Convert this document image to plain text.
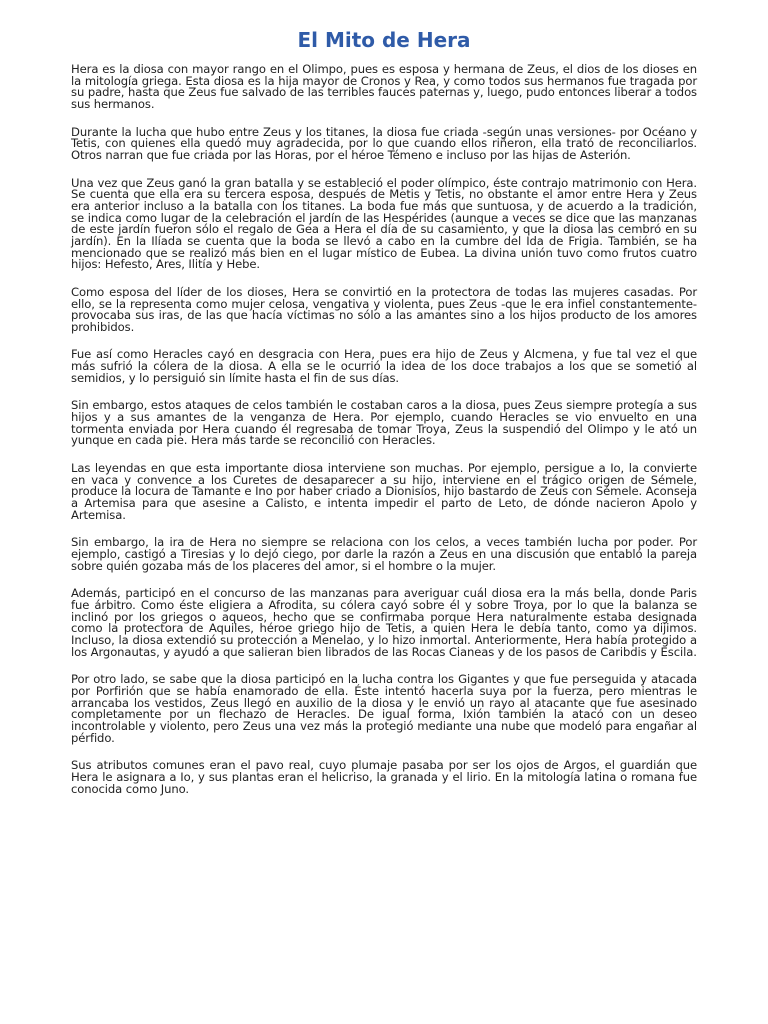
El Mito de Hera

Hera es la diosa con mayor rango en el Olimpo, pues es esposa y hermana de Zeus, el dios de los dioses en la mitología griega. Esta diosa es la hija mayor de Cronos y Rea, y como todos sus hermanos fue tragada por su padre, hasta que Zeus fue salvado de las terribles fauces paternas y, luego, pudo entonces liberar a todos sus hermanos.

Durante la lucha que hubo entre Zeus y los titanes, la diosa fue criada -según unas versiones- por Océano y Tetis, con quienes ella quedó muy agradecida, por lo que cuando ellos riñeron, ella trató de reconciliarlos. Otros narran que fue criada por las Horas, por el héroe Témeno e incluso por las hijas de Asterión.

Una vez que Zeus ganó la gran batalla y se estableció el poder olímpico, éste contrajo matrimonio con Hera. Se cuenta que ella era su tercera esposa, después de Metis y Tetis, no obstante el amor entre Hera y Zeus era anterior incluso a la batalla con los titanes. La boda fue más que suntuosa, y de acuerdo a la tradición, se indica como lugar de la celebración el jardín de las Hespérides (aunque a veces se dice que las manzanas de este jardín fueron sólo el regalo de Gea a Hera el día de su casamiento, y que la diosa las cembró en su jardín). En la Ilíada se cuenta que la boda se llevó a cabo en la cumbre del Ida de Frigia. También, se ha mencionado que se realizó más bien en el lugar místico de Eubea. La divina unión tuvo como frutos cuatro hijos: Hefesto, Ares, Ilitía y Hebe.

Como esposa del líder de los dioses, Hera se convirtió en la protectora de todas las mujeres casadas. Por ello, se la representa como mujer celosa, vengativa y violenta, pues Zeus -que le era infiel constantemente- provocaba sus iras, de las que hacía víctimas no sólo a las amantes sino a los hijos producto de los amores prohibidos.

Fue así como Heracles cayó en desgracia con Hera, pues era hijo de Zeus y Alcmena, y fue tal vez el que más sufrió la cólera de la diosa. A ella se le ocurrió la idea de los doce trabajos a los que se sometió al semidios, y lo persiguió sin límite hasta el fin de sus días.

Sin embargo, estos ataques de celos también le costaban caros a la diosa, pues Zeus siempre protegía a sus hijos y a sus amantes de la venganza de Hera. Por ejemplo, cuando Heracles se vio envuelto en una tormenta enviada por Hera cuando él regresaba de tomar Troya, Zeus la suspendió del Olimpo y le ató un yunque en cada pie. Hera más tarde se reconcilió con Heracles.

Las leyendas en que esta importante diosa interviene son muchas. Por ejemplo, persigue a Io, la convierte en vaca y convence a los Curetes de desaparecer a su hijo, interviene en el trágico origen de Sémele, produce la locura de Tamante e Ino por haber criado a Dionisios, hijo bastardo de Zeus con Sémele. Aconseja a Artemisa para que asesine a Calisto, e intenta impedir el parto de Leto, de dónde nacieron Apolo y Artemisa.

Sin embargo, la ira de Hera no siempre se relaciona con los celos, a veces también lucha por poder. Por ejemplo, castigó a Tiresias y lo dejó ciego, por darle la razón a Zeus en una discusión que entabló la pareja sobre quién gozaba más de los placeres del amor, si el hombre o la mujer.

Además, participó en el concurso de las manzanas para averiguar cuál diosa era la más bella, donde Paris fue árbitro. Como éste eligiera a Afrodita, su cólera cayó sobre él y sobre Troya, por lo que la balanza se inclinó por los griegos o aqueos, hecho que se confirmaba porque Hera naturalmente estaba designada como la protectora de Aquiles, héroe griego hijo de Tetis, a quien Hera le debía tanto, como ya dijimos. Incluso, la diosa extendió su protección a Menelao, y lo hizo inmortal. Anteriormente, Hera había protegido a los Argonautas, y ayudó a que salieran bien librados de las Rocas Cianeas y de los pasos de Caribdis y Escila.

Por otro lado, se sabe que la diosa participó en la lucha contra los Gigantes y que fue perseguida y atacada por Porfirión que se había enamorado de ella. Éste intentó hacerla suya por la fuerza, pero mientras le arrancaba los vestidos, Zeus llegó en auxilio de la diosa y le envió un rayo al atacante que fue asesinado completamente por un flechazo de Heracles. De igual forma, Ixión también la atacó con un deseo incontrolable y violento, pero Zeus una vez más la protegió mediante una nube que modeló para engañar al pérfido.

Sus atributos comunes eran el pavo real, cuyo plumaje pasaba por ser los ojos de Argos, el guardián que Hera le asignara a Io, y sus plantas eran el helicriso, la granada y el lirio. En la mitología latina o romana fue conocida como Juno.
